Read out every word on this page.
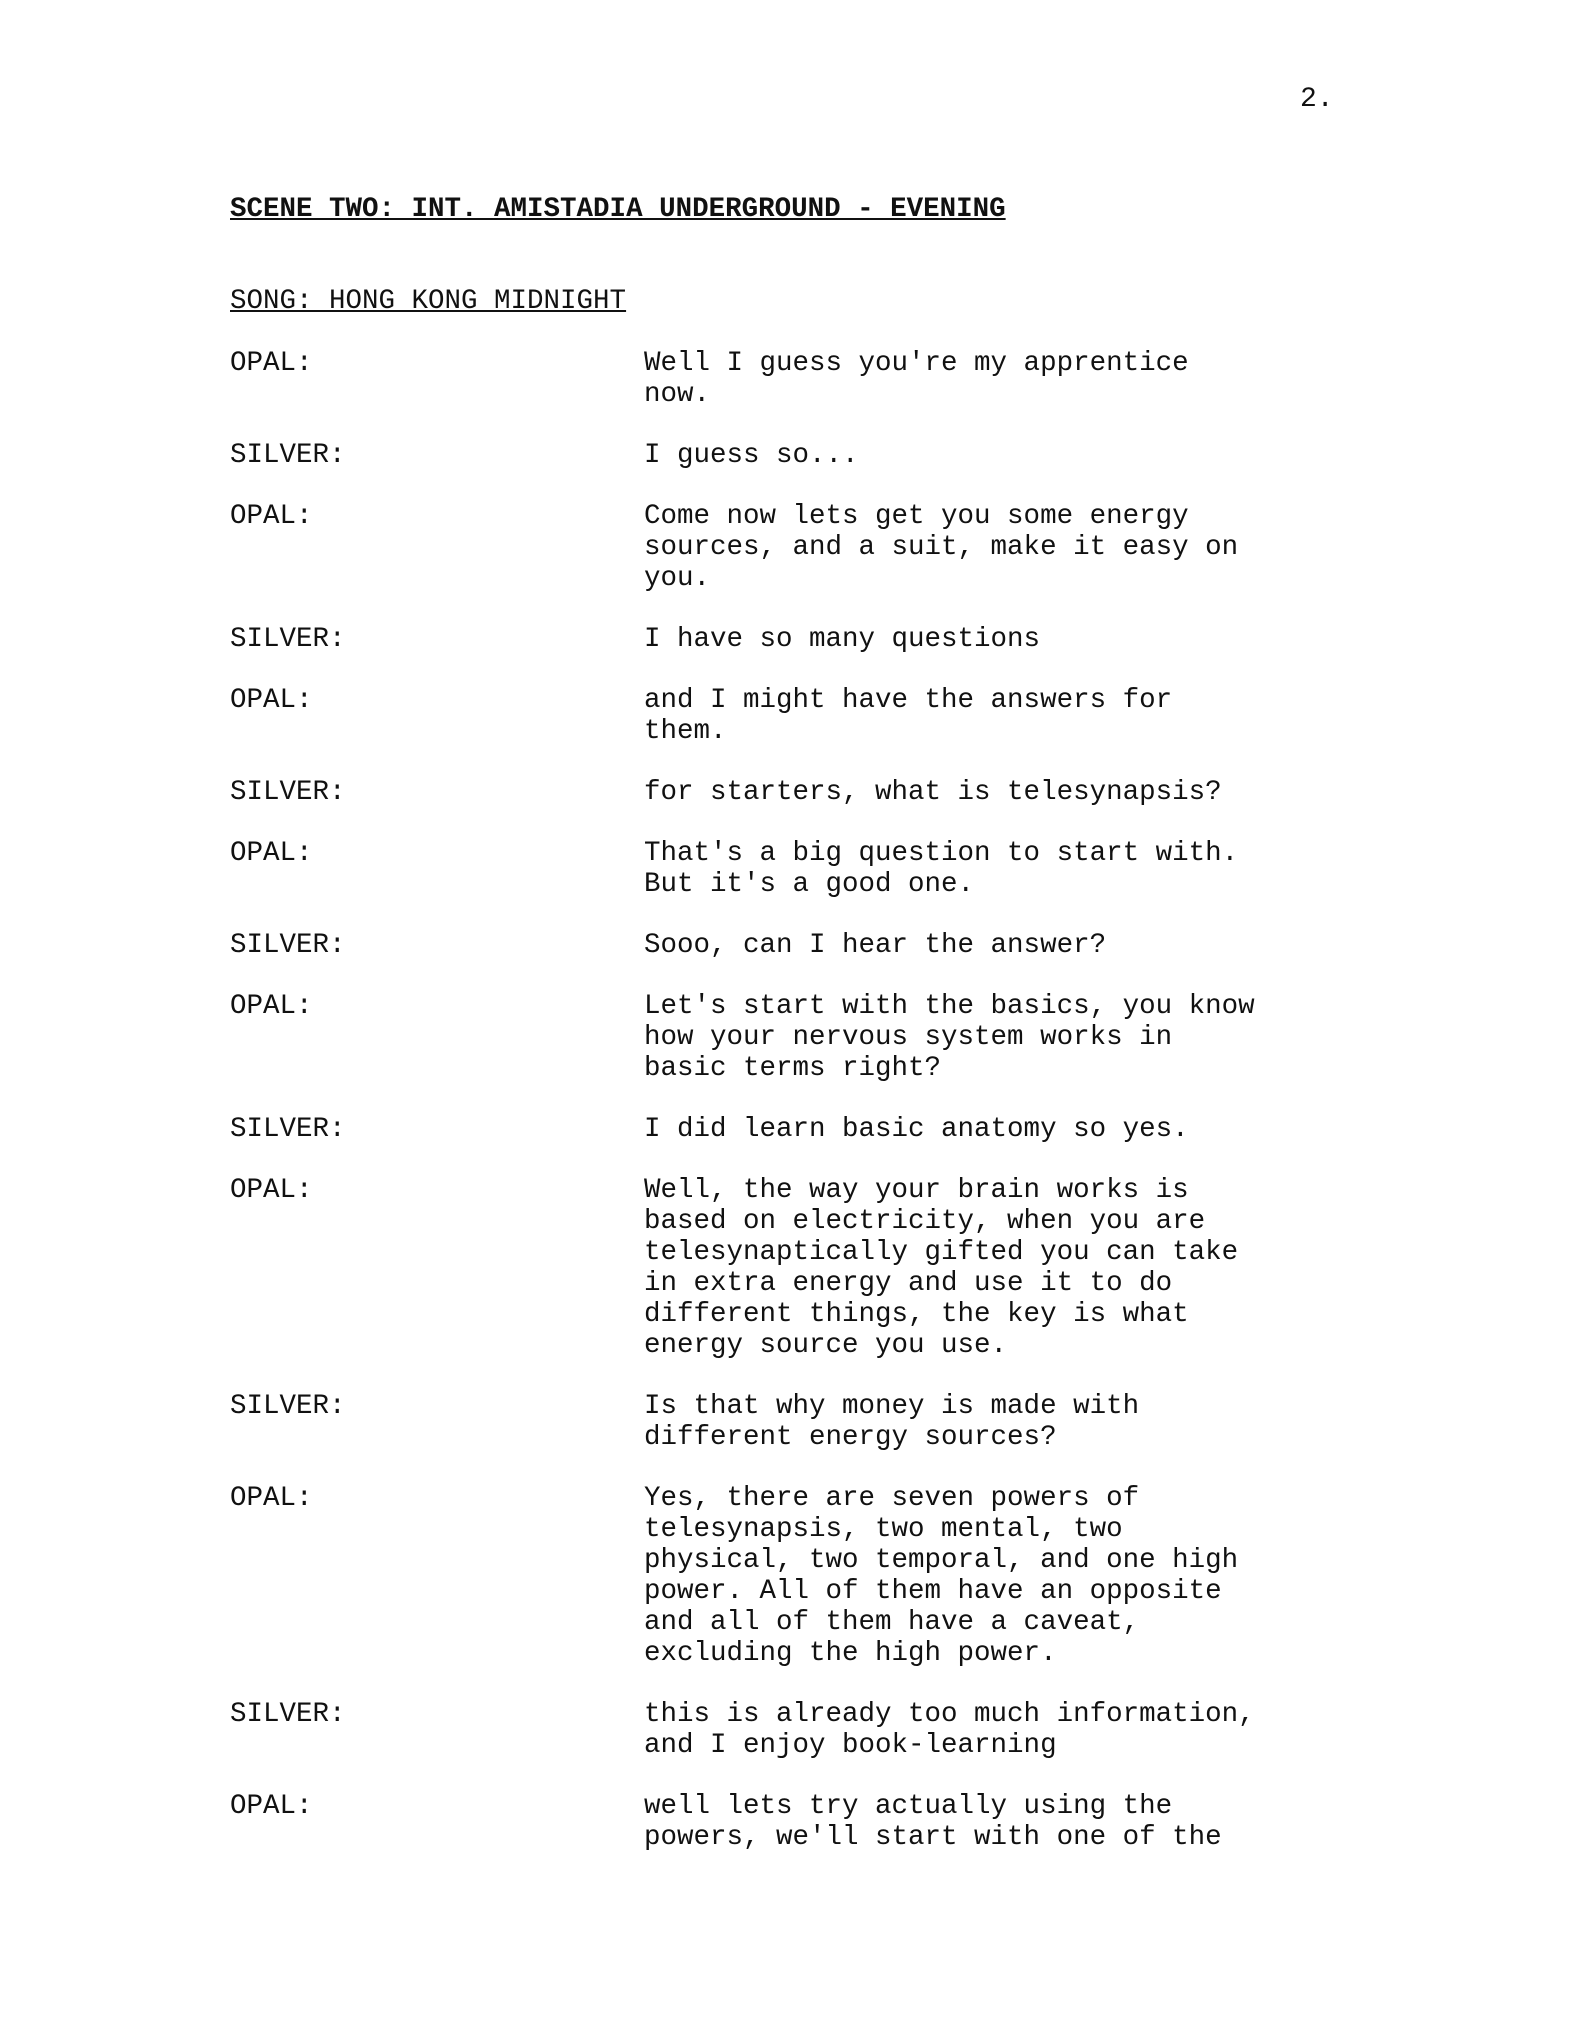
2.
SCENE TWO: INT. AMISTADIA UNDERGROUND - EVENING
SONG: HONG KONG MIDNIGHT
OPAL:	Well I guess you're my apprentice
now.
SILVER:	I guess so...
OPAL:	Come now lets get you some energy
sources, and a suit, make it easy on
you.
SILVER:	I have so many questions
OPAL:	and I might have the answers for
them.
SILVER:	for starters, what is telesynapsis?
OPAL:	That's a big question to start with.
But it's a good one.
SILVER:	Sooo, can I hear the answer?
OPAL:	Let's start with the basics, you know
how your nervous system works in
basic terms right?
SILVER:	I did learn basic anatomy so yes.
OPAL:	Well, the way your brain works is
based on electricity, when you are
telesynaptically gifted you can take
in extra energy and use it to do
different things, the key is what
energy source you use.
SILVER:	Is that why money is made with
different energy sources?
OPAL:	Yes, there are seven powers of
telesynapsis, two mental, two
physical, two temporal, and one high
power. All of them have an opposite
and all of them have a caveat,
excluding the high power.
SILVER:	this is already too much information,
and I enjoy book-learning
OPAL:	well lets try actually using the
powers, we'll start with one of the
